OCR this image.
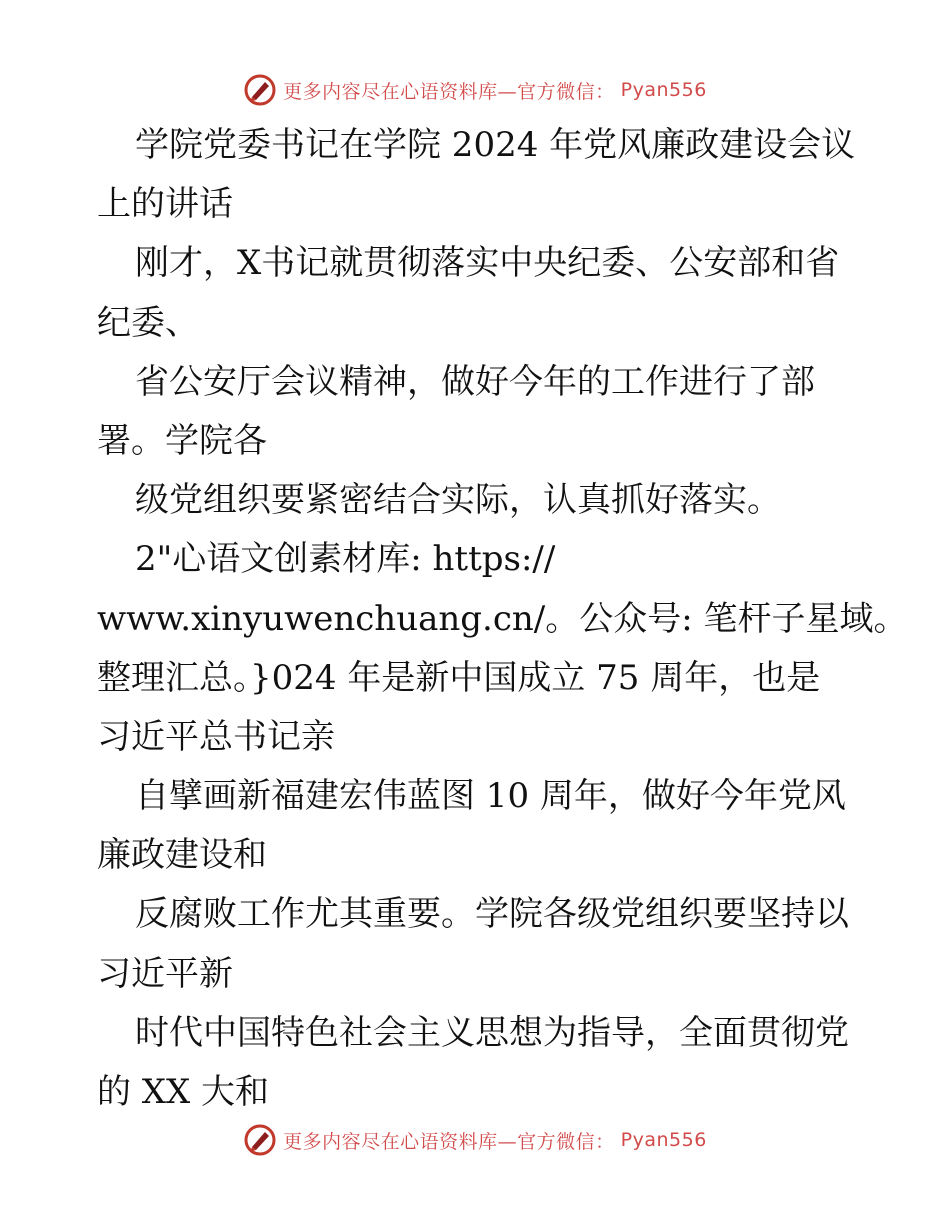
更多内容尽在心语资料库—官方微信： Pyan556
学院党委书记在学院 2024 年党风廉政建设会议
上的讲话
刚才，X书记就贯彻落实中央纪委、公安部和省
纪委、
省公安厅会议精神，做好今年的工作进行了部
署。学院各
级党组织要紧密结合实际，认真抓好落实。
2"心语文创素材库: https://
www.xinyuwenchuang.cn/。公众号: 笔杆子星域。
整理汇总。}024 年是新中国成立 75 周年，也是
习近平总书记亲
自擘画新福建宏伟蓝图 10 周年，做好今年党风
廉政建设和
反腐败工作尤其重要。学院各级党组织要坚持以
习近平新
时代中国特色社会主义思想为指导，全面贯彻党
的 XX 大和
更多内容尽在心语资料库—官方微信： Pyan556
